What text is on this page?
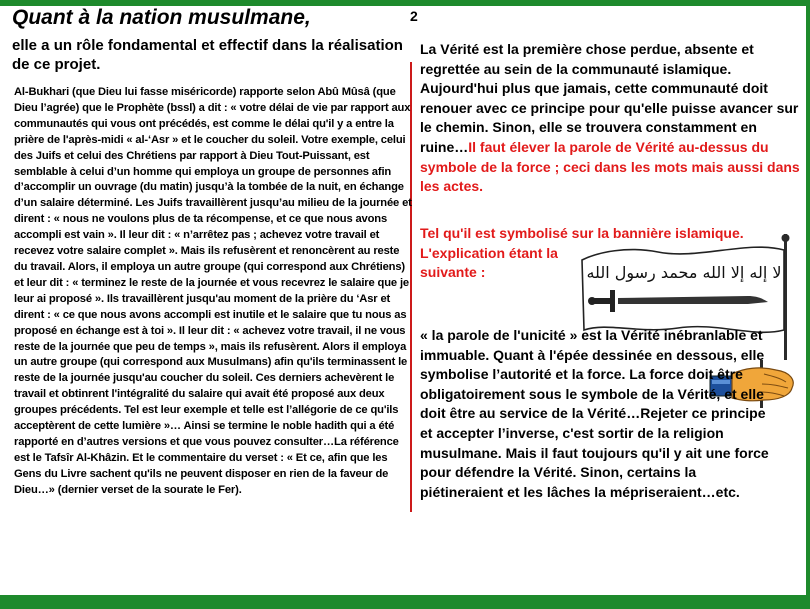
2
Quant à la nation musulmane,

elle a un rôle fondamental et effectif dans la réalisation de ce projet.

Al-Bukhari (que Dieu lui fasse miséricorde) rapporte selon Abû Mûsâ (que Dieu l’agrée) que le Prophète (bssl) a dit : « votre délai de vie par rapport aux communautés qui vous ont précédés, est comme le délai qu'il y a entre la prière de l'après-midi « al-‘Asr » et le coucher du soleil. Votre exemple, celui des Juifs et celui des Chrétiens par rapport à Dieu Tout-Puissant, est semblable à celui d’un homme qui employa un groupe de personnes afin d’accomplir un ouvrage (du matin) jusqu’à la tombée de la nuit, en échange d’un salaire déterminé. Les Juifs travaillèrent jusqu’au milieu de la journée et dirent : « nous ne voulons plus de ta récompense, et ce que nous avons accompli est vain ». Il leur dit : « n’arrêtez pas ; achevez votre travail et recevez votre salaire complet ». Mais ils refusèrent et renoncèrent au reste du travail. Alors, il employa un autre groupe (qui correspond aux Chrétiens) et leur dit : « terminez le reste de la journée et vous recevrez le salaire que je leur ai proposé ». Ils travaillèrent jusqu'au moment de la prière du ‘Asr et dirent : « ce que nous avons accompli est inutile et le salaire que tu nous as proposé en échange est à toi ». Il leur dit : « achevez votre travail, il ne vous reste de la journée que peu de temps », mais ils refusèrent. Alors il employa un autre groupe (qui correspond aux Musulmans) afin qu'ils terminassent le reste de la journée jusqu'au coucher du soleil. Ces derniers achevèrent le travail et obtinrent l'intégralité du salaire qui avait été proposé aux deux groupes précédents. Tel est leur exemple et telle est l’allégorie de ce qu'ils acceptèrent de cette lumière »… Ainsi se termine le noble hadith qui a été rapporté en d’autres versions et que vous pouvez consulter…La référence est le Tafsîr Al-Khâzin. Et le commentaire du verset : « Et ce, afin que les Gens du Livre sachent qu'ils ne peuvent disposer en rien de la faveur de Dieu…» (dernier verset de la sourate le Fer).

La Vérité est la première chose perdue, absente et regrettée au sein de la communauté islamique. Aujourd'hui plus que jamais, cette communauté doit renouer avec ce principe pour qu'elle puisse avancer sur le chemin. Sinon, elle se trouvera constamment en ruine…Il faut élever la parole de Vérité au-dessus du symbole de la force ; ceci dans les mots mais aussi dans les actes.

Tel qu'il est symbolisé sur la bannière islamique.
L'explication étant la suivante :	لا إله إلا الله محمد رسول الله

« la parole de l'unicité » est la Vérité inébranlable et immuable. Quant à l'épée dessinée en dessous, elle symbolise l’autorité et la force. La force doit être obligatoirement sous le symbole de la Vérité, et elle doit être au service de la Vérité…Rejeter ce principe et accepter l’inverse, c'est sortir de la religion musulmane. Mais il faut toujours qu'il y ait une force pour défendre la Vérité. Sinon, certains la piétineraient et les lâches la mépriseraient…etc.
